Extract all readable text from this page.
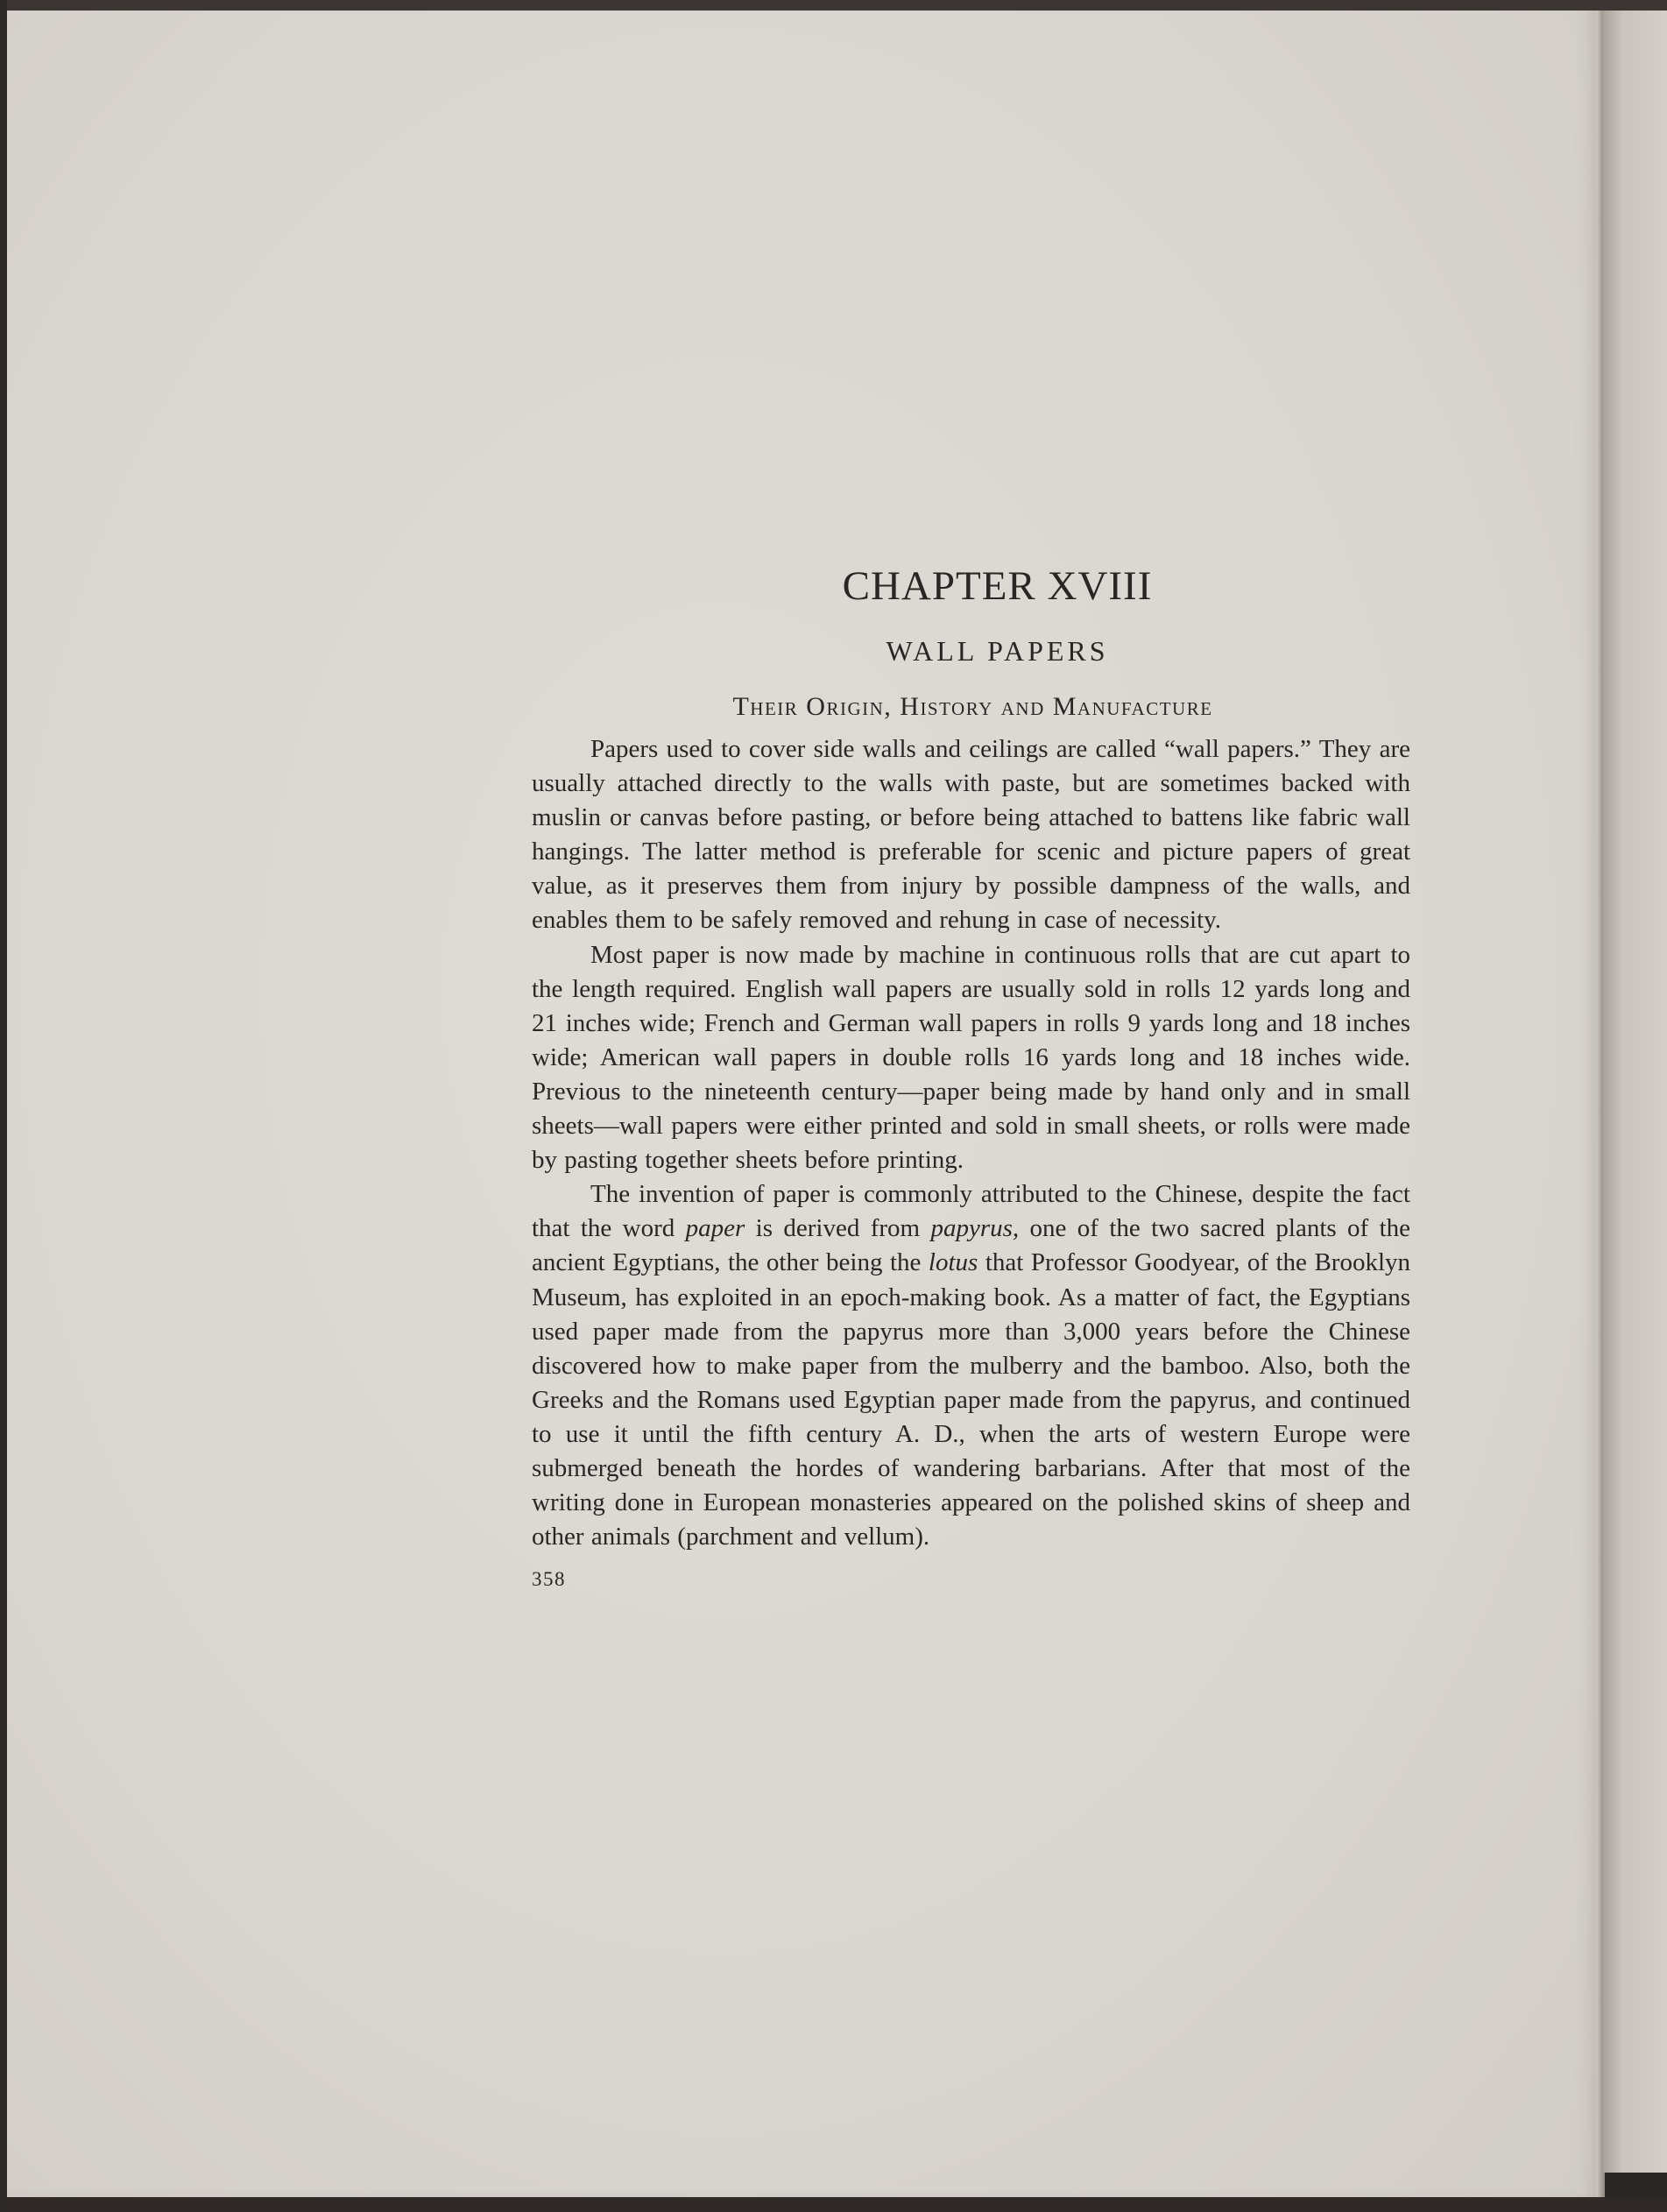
CHAPTER XVIII
WALL PAPERS
Their Origin, History and Manufacture

Papers used to cover side walls and ceilings are called “wall papers.” They are usually attached directly to the walls with paste, but are sometimes backed with muslin or canvas before pasting, or before being attached to battens like fabric wall hangings. The latter method is preferable for scenic and picture papers of great value, as it preserves them from injury by possible dampness of the walls, and enables them to be safely removed and rehung in case of necessity.

Most paper is now made by machine in continuous rolls that are cut apart to the length required. English wall papers are usually sold in rolls 12 yards long and 21 inches wide; French and German wall papers in rolls 9 yards long and 18 inches wide; American wall papers in double rolls 16 yards long and 18 inches wide. Previous to the nineteenth century—paper being made by hand only and in small sheets—wall papers were either printed and sold in small sheets, or rolls were made by pasting together sheets before printing.

The invention of paper is commonly attributed to the Chinese, despite the fact that the word paper is derived from papyrus, one of the two sacred plants of the ancient Egyptians, the other being the lotus that Professor Goodyear, of the Brooklyn Museum, has exploited in an epoch-making book. As a matter of fact, the Egyptians used paper made from the papyrus more than 3,000 years before the Chinese discovered how to make paper from the mulberry and the bamboo. Also, both the Greeks and the Romans used Egyptian paper made from the papyrus, and continued to use it until the fifth century A. D., when the arts of western Europe were submerged beneath the hordes of wandering barbarians. After that most of the writing done in European monasteries appeared on the polished skins of sheep and other animals (parchment and vellum).

358
